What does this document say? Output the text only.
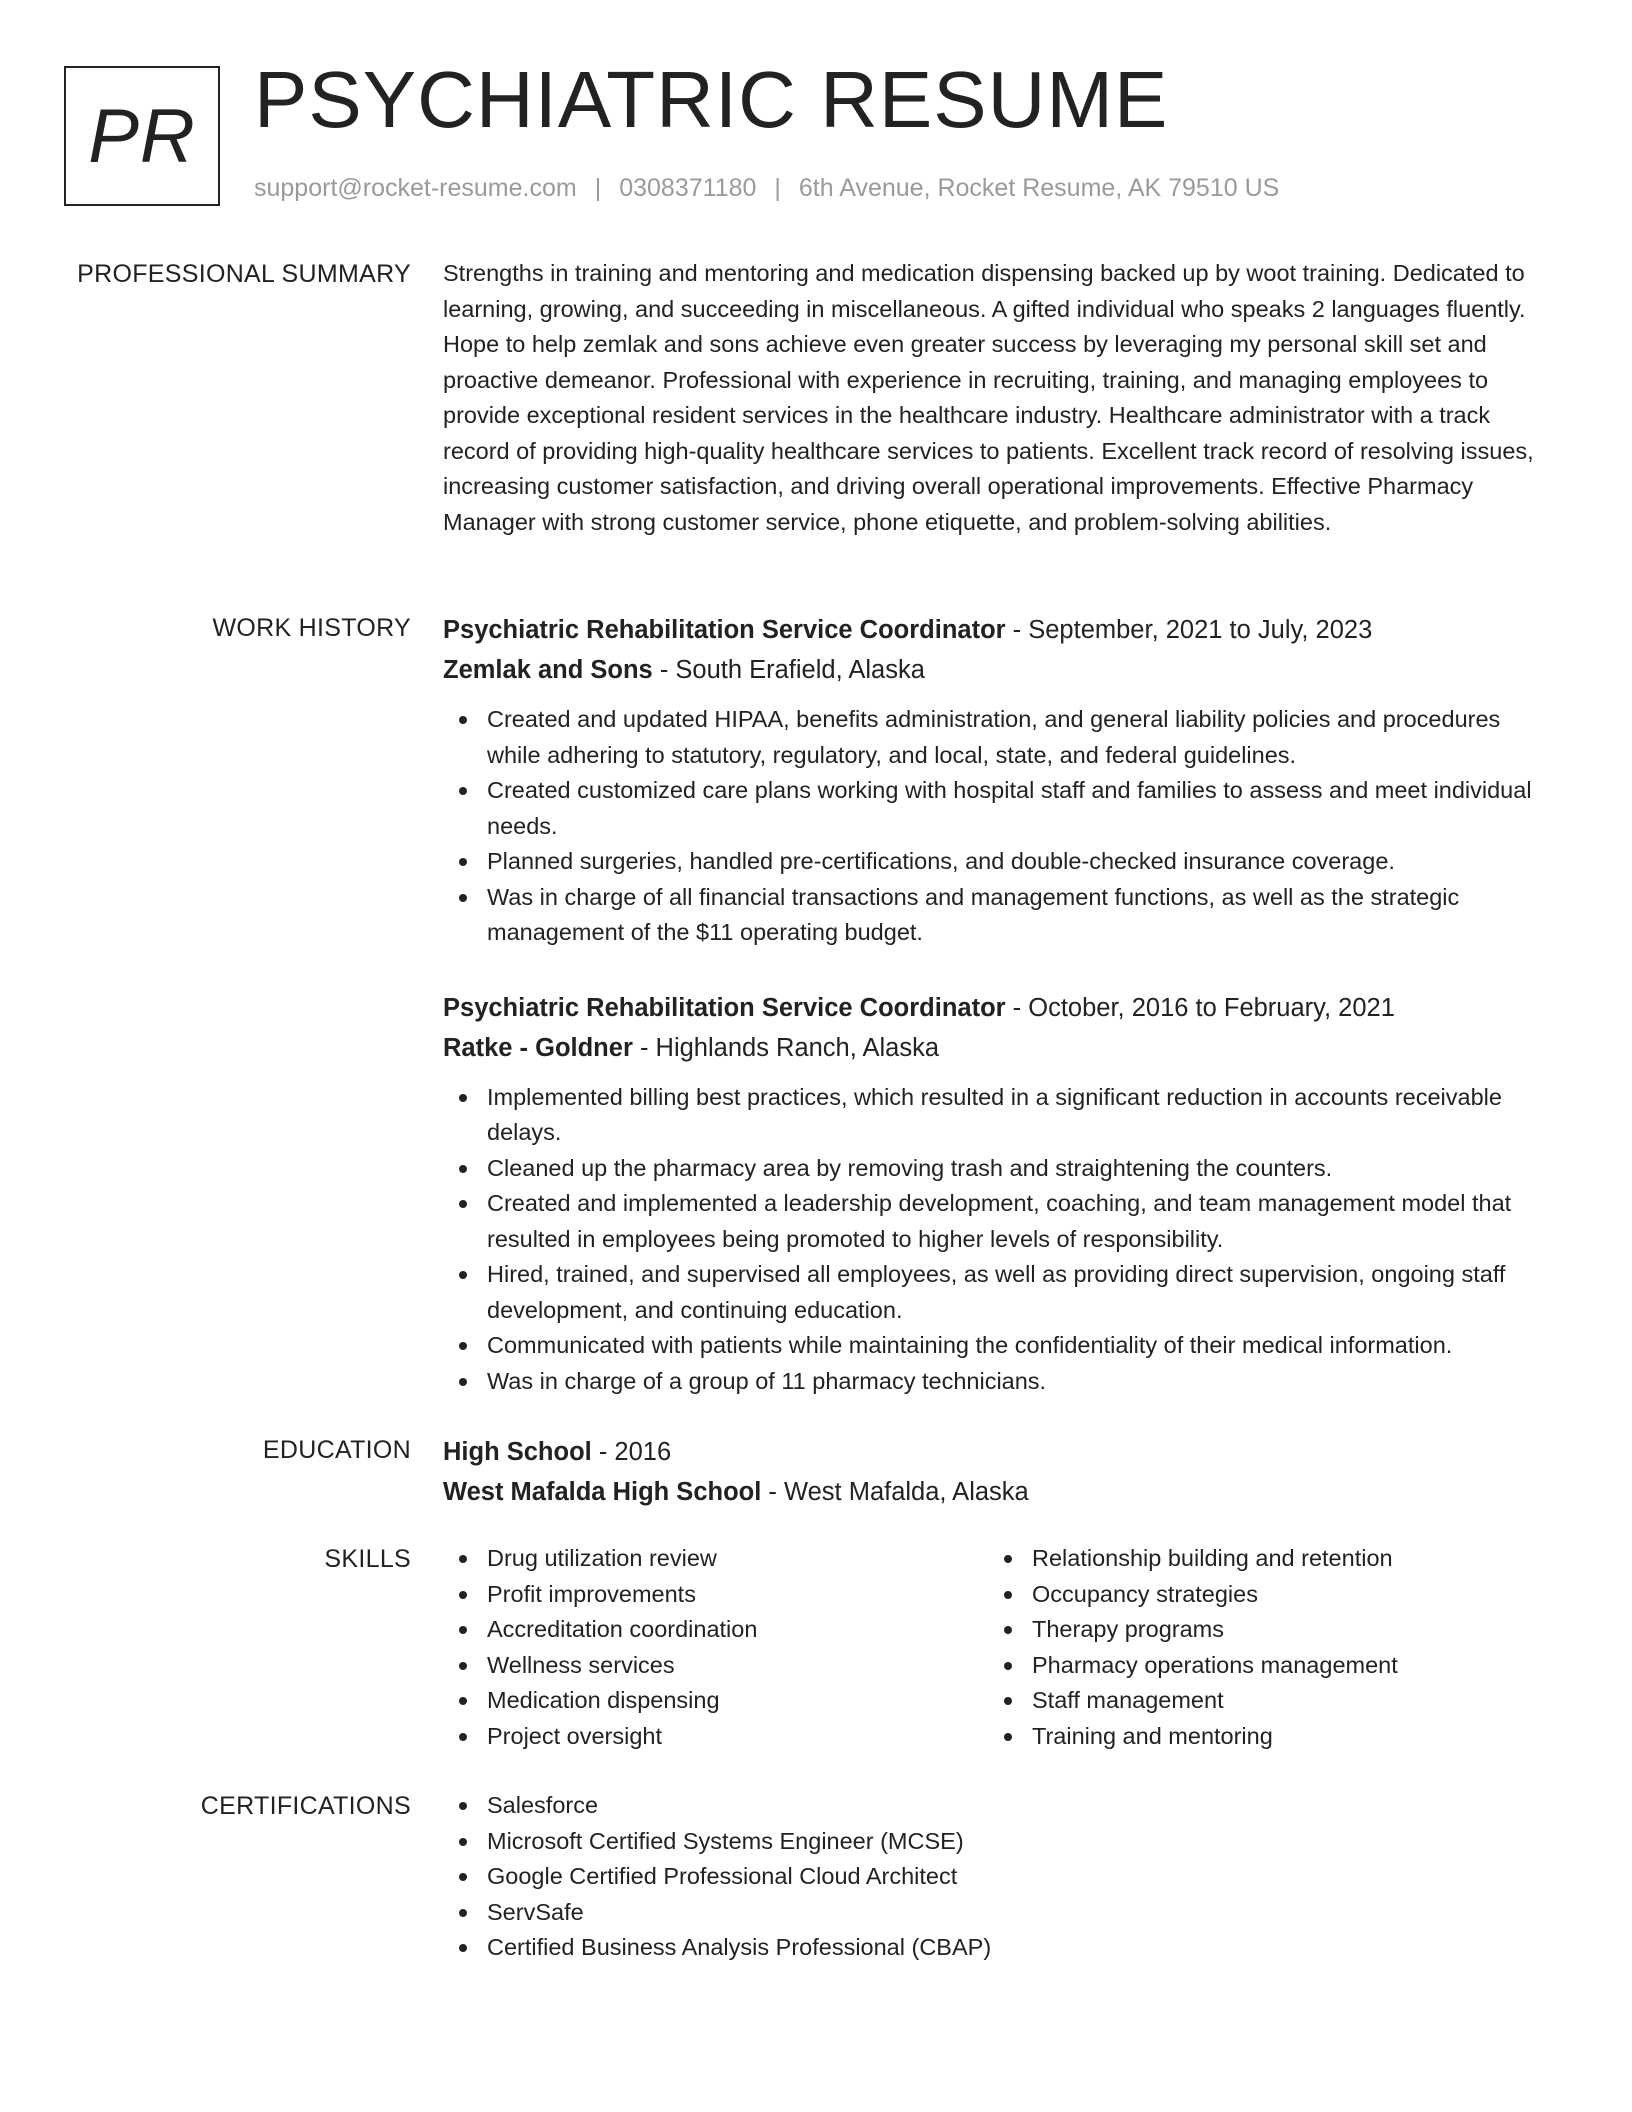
PR PSYCHIATRIC RESUME
support@rocket-resume.com | 0308371180 | 6th Avenue, Rocket Resume, AK 79510 US
PROFESSIONAL SUMMARY Strengths in training and mentoring and medication dispensing backed up by woot training. Dedicated to learning, growing, and succeeding in miscellaneous. A gifted individual who speaks 2 languages fluently. Hope to help zemlak and sons achieve even greater success by leveraging my personal skill set and proactive demeanor. Professional with experience in recruiting, training, and managing employees to provide exceptional resident services in the healthcare industry. Healthcare administrator with a track record of providing high-quality healthcare services to patients. Excellent track record of resolving issues, increasing customer satisfaction, and driving overall operational improvements. Effective Pharmacy Manager with strong customer service, phone etiquette, and problem-solving abilities.

WORK HISTORY Psychiatric Rehabilitation Service Coordinator - September, 2021 to July, 2023
Zemlak and Sons - South Erafield, Alaska
Created and updated HIPAA, benefits administration, and general liability policies and procedures while adhering to statutory, regulatory, and local, state, and federal guidelines.
Created customized care plans working with hospital staff and families to assess and meet individual needs.
Planned surgeries, handled pre-certifications, and double-checked insurance coverage.
Was in charge of all financial transactions and management functions, as well as the strategic management of the $11 operating budget.
Psychiatric Rehabilitation Service Coordinator - October, 2016 to February, 2021
Ratke - Goldner - Highlands Ranch, Alaska
Implemented billing best practices, which resulted in a significant reduction in accounts receivable delays.
Cleaned up the pharmacy area by removing trash and straightening the counters.
Created and implemented a leadership development, coaching, and team management model that resulted in employees being promoted to higher levels of responsibility.
Hired, trained, and supervised all employees, as well as providing direct supervision, ongoing staff development, and continuing education.
Communicated with patients while maintaining the confidentiality of their medical information.
Was in charge of a group of 11 pharmacy technicians.
EDUCATION High School - 2016
West Mafalda High School - West Mafalda, Alaska
SKILLS	Drug utilization review
Profit improvements
Accreditation coordination
Wellness services
Medication dispensing
Project oversight
Relationship building and retention
Occupancy strategies
Therapy programs
Pharmacy operations management
Staff management
Training and mentoring
CERTIFICATIONS	Salesforce
Microsoft Certified Systems Engineer (MCSE)
Google Certified Professional Cloud Architect
ServSafe
Certified Business Analysis Professional (CBAP)
